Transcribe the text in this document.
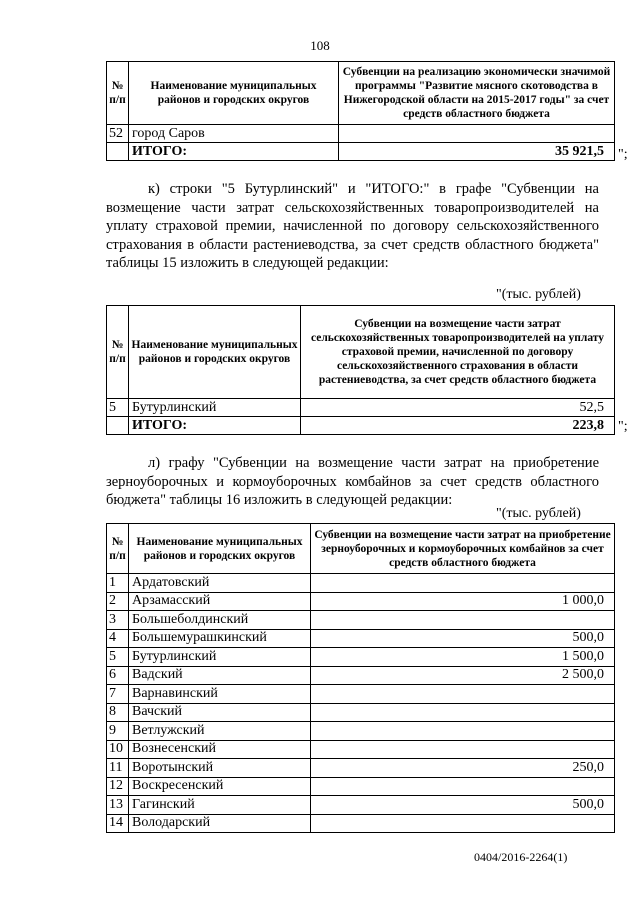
108
№ п/п	Наименование муниципальных районов и городских округов	Субвенции на реализацию экономически значимой программы "Развитие мясного скотоводства в Нижегородской области на 2015-2017 годы" за счет средств областного бюджета
52	город Саров	
	ИТОГО:	35 921,5 ";
к) строки "5 Бутурлинский" и "ИТОГО:" в графе "Субвенции на возмещение части затрат сельскохозяйственных товаропроизводителей на уплату страховой премии, начисленной по договору сельскохозяйственного страхования в области растениеводства, за счет средств областного бюджета" таблицы 15 изложить в следующей редакции:
"(тыс. рублей)
№ п/п	Наименование муниципальных районов и городских округов	Субвенции на возмещение части затрат сельскохозяйственных товаропроизводителей на уплату страховой премии, начисленной по договору сельскохозяйственного страхования в области растениеводства, за счет средств областного бюджета
5	Бутурлинский	52,5
	ИТОГО:	223,8 ";
л) графу "Субвенции на возмещение части затрат на приобретение зерноуборочных и кормоуборочных комбайнов за счет средств областного бюджета" таблицы 16 изложить в следующей редакции:
"(тыс. рублей)
№ п/п	Наименование муниципальных районов и городских округов	Субвенции на возмещение части затрат на приобретение зерноуборочных и кормоуборочных комбайнов за счет средств областного бюджета
1	Ардатовский	
2	Арзамасский	1 000,0
3	Большеболдинский	
4	Большемурашкинский	500,0
5	Бутурлинский	1 500,0
6	Вадский	2 500,0
7	Варнавинский	
8	Вачский	
9	Ветлужский	
10	Вознесенский	
11	Воротынский	250,0
12	Воскресенский	
13	Гагинский	500,0
14	Володарский	
0404/2016-2264(1)
